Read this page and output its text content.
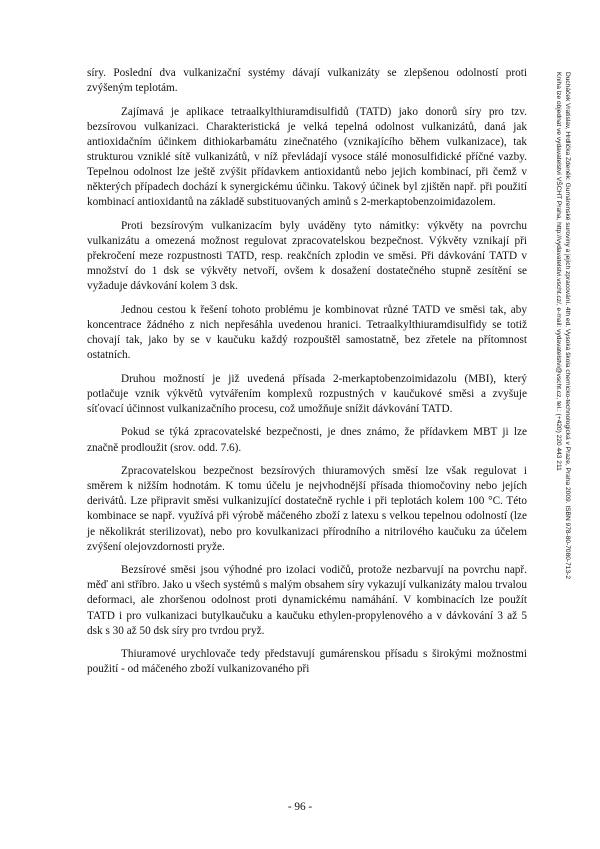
síry. Poslední dva vulkanizační systémy dávají vulkanizáty se zlepšenou odolností proti zvýšeným teplotám.

Zajímavá je aplikace tetraalkylthiuramdisulfidů (TATD) jako donorů síry pro tzv. bezsírovou vulkanizaci. Charakteristická je velká tepelná odolnost vulkanizátů, daná jak antioxidačním účinkem dithiokarbamátu zinečnatého (vznikajícího během vulkanizace), tak strukturou vzniklé sítě vulkanizátů, v níž převládají vysoce stálé monosulfidické příčné vazby. Tepelnou odolnost lze ještě zvýšit přídavkem antioxidantů nebo jejich kombinací, při čemž v některých případech dochází k synergickému účinku. Takový účinek byl zjištěn např. při použití kombinací antioxidantů na základě substituovaných aminů s 2-merkaptobenzoimidazolem.

Proti bezsírovým vulkanizacím byly uváděny tyto námitky: výkvěty na povrchu vulkanizátu a omezená možnost regulovat zpracovatelskou bezpečnost. Výkvěty vznikají při překročení meze rozpustnosti TATD, resp. reakčních zplodin ve směsi. Při dávkování TATD v množství do 1 dsk se výkvěty netvoří, ovšem k dosažení dostatečného stupně zesítění se vyžaduje dávkování kolem 3 dsk.

Jednou cestou k řešení tohoto problému je kombinovat různé TATD ve směsi tak, aby koncentrace žádného z nich nepřesáhla uvedenou hranici. Tetraalkylthiuramdisulfidy se totiž chovají tak, jako by se v kaučuku každý rozpouštěl samostatně, bez zřetele na přítomnost ostatních.

Druhou možností je již uvedená přísada 2-merkaptobenzoimidazolu (MBI), který potlačuje vznik výkvětů vytvářením komplexů rozpustných v kaučukové směsi a zvyšuje síťovací účinnost vulkanizačního procesu, což umožňuje snížit dávkování TATD.

Pokud se týká zpracovatelské bezpečnosti, je dnes známo, že přídavkem MBT ji lze značně prodloužit (srov. odd. 7.6).

Zpracovatelskou bezpečnost bezsírových thiuramových směsí lze však regulovat i směrem k nižším hodnotám. K tomu účelu je nejvhodnější přísada thiomočoviny nebo jejích derivátů. Lze připravit směsi vulkanizující dostatečně rychle i při teplotách kolem 100 °C. Této kombinace se např. využívá při výrobě máčeného zboží z latexu s velkou tepelnou odolností (lze je několikrát sterilizovat), nebo pro kovulkanizaci přírodního a nitrilového kaučuku za účelem zvýšení olejovzdornosti pryže.

Bezsírové směsi jsou výhodné pro izolaci vodičů, protože nezbarvují na povrchu např. měď ani stříbro. Jako u všech systémů s malým obsahem síry vykazují vulkanizáty malou trvalou deformaci, ale zhoršenou odolnost proti dynamickému namáhání. V kombinacích lze použít TATD i pro vulkanizaci butylkaučuku a kaučuku ethylen-propylenového a v dávkování 3 až 5 dsk s 30 až 50 dsk síry pro tvrdou pryž.

Thiuramové urychlovače tedy představují gumárenskou přísadu s širokými možnostmi použití - od máčeného zboží vulkanizovaného při

- 96 -
Ducháček Vratislav, Hrdlička Zdeněk: Gumárenské suroviny a jejich zpracování. 4th ed. Vysoká škola chemicko-technologická v Praze, Praha 2009. ISBN 978-80-7080-713-2
Kniha lze objednat ve vydavatelství VŠCHT Praha, http://vydavatelstvi.vscht.cz/, e-mail: vydavatelstvi@vscht.cz, tel.: (+420) 220 443 211
